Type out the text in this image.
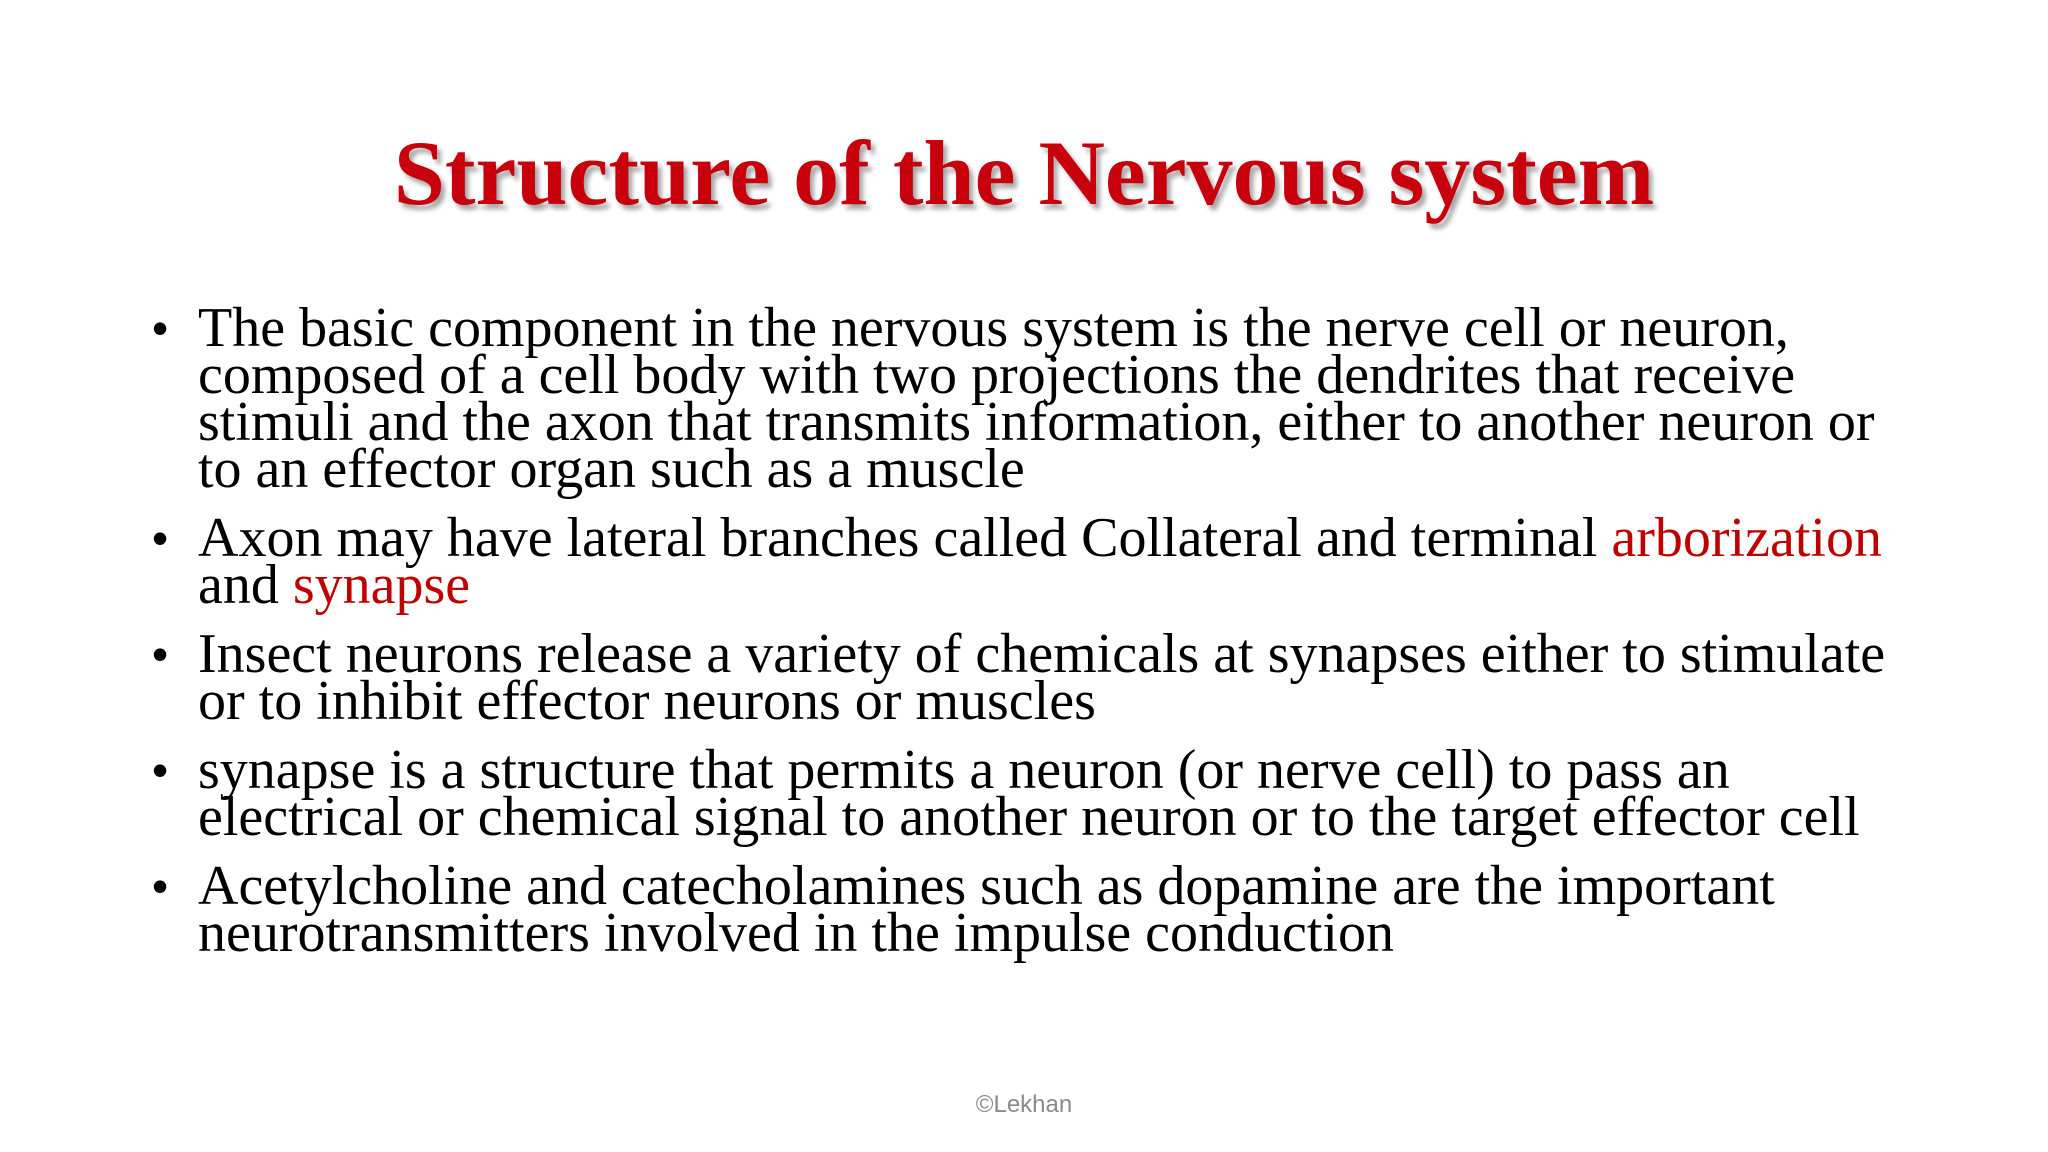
Structure of the Nervous system
• The basic component in the nervous system is the nerve cell or neuron, composed of a cell body with two projections the dendrites that receive stimuli and the axon that transmits information, either to another neuron or to an effector organ such as a muscle
• Axon may have lateral branches called Collateral and terminal arborization and synapse
• Insect neurons release a variety of chemicals at synapses either to stimulate or to inhibit effector neurons or muscles
• synapse is a structure that permits a neuron (or nerve cell) to pass an electrical or chemical signal to another neuron or to the target effector cell
• Acetylcholine and catecholamines such as dopamine are the important neurotransmitters involved in the impulse conduction
©Lekhan
